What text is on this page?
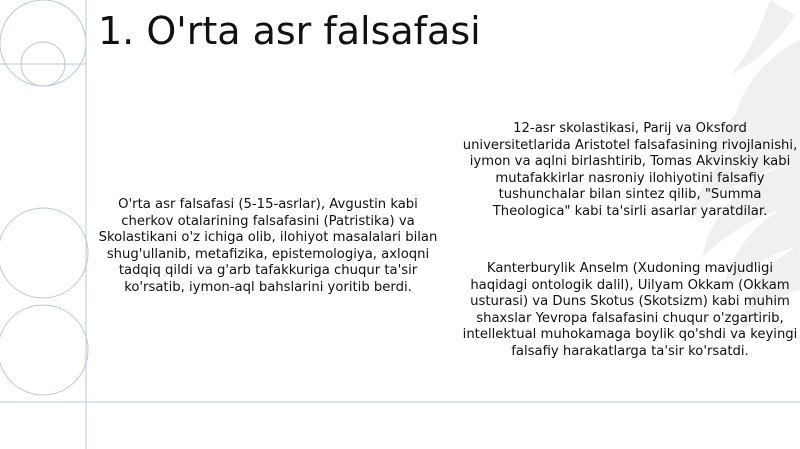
1. O'rta asr falsafasi

O'rta asr falsafasi (5-15-asrlar), Avgustin kabi cherkov otalarining falsafasini (Patristika) va Skolastikani o'z ichiga olib, ilohiyot masalalari bilan shug'ullanib, metafizika, epistemologiya, axloqni tadqiq qildi va g'arb tafakkuriga chuqur ta'sir ko'rsatib, iymon-aql bahslarini yoritib berdi.

12-asr skolastikasi, Parij va Oksford universitetlarida Aristotel falsafasining rivojlanishi, iymon va aqlni birlashtirib, Tomas Akvinskiy kabi mutafakkirlar nasroniy ilohiyotini falsafiy tushunchalar bilan sintez qilib, "Summa Theologica" kabi ta'sirli asarlar yaratdilar.

Kanterburylik Anselm (Xudoning mavjudligi haqidagi ontologik dalil), Uilyam Okkam (Okkam usturasi) va Duns Skotus (Skotsizm) kabi muhim shaxslar Yevropa falsafasini chuqur o'zgartirib, intellektual muhokamaga boylik qo'shdi va keyingi falsafiy harakatlarga ta'sir ko'rsatdi.
